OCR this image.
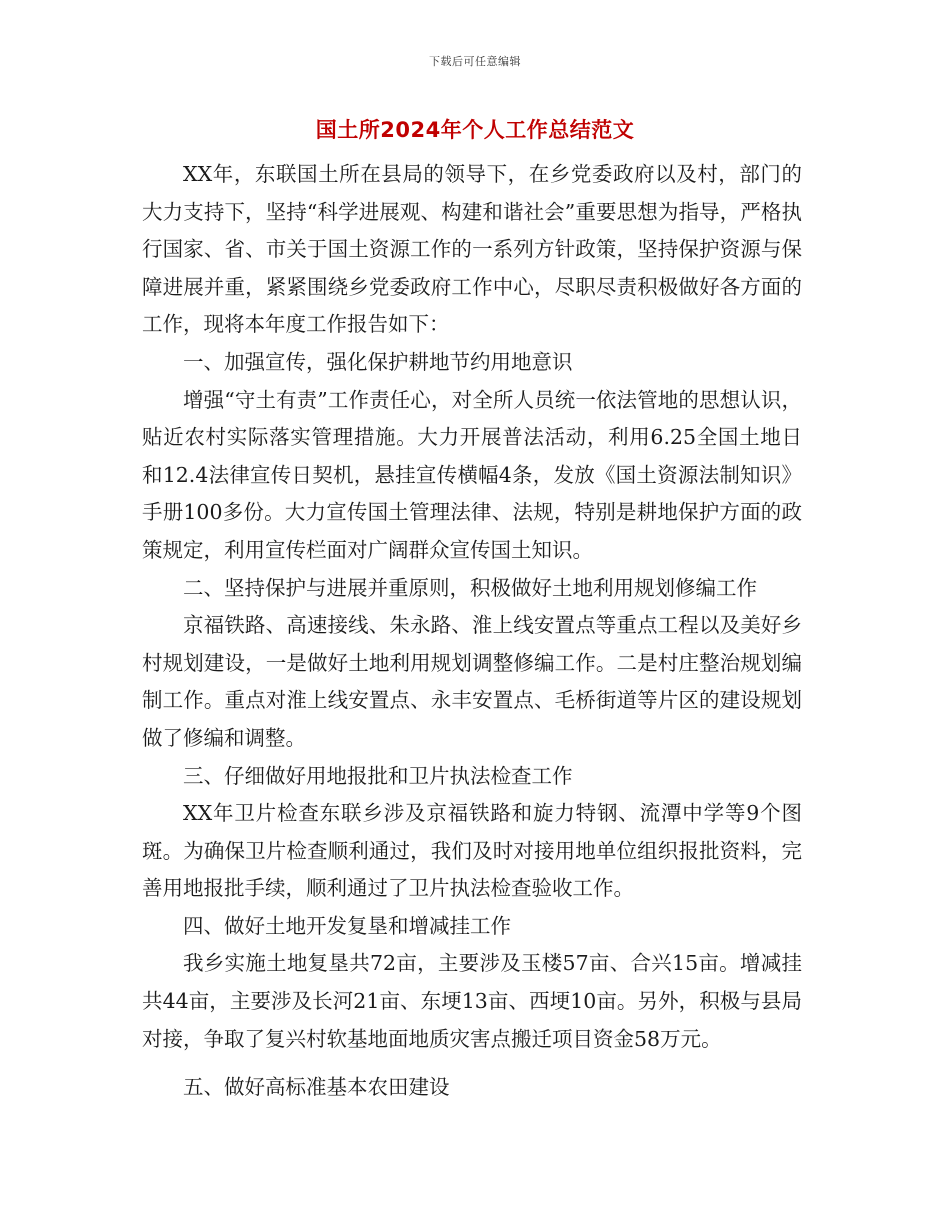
下载后可任意编辑
国土所2024年个人工作总结范文

XX年，东联国土所在县局的领导下，在乡党委政府以及村，部门的大力支持下，坚持“科学进展观、构建和谐社会”重要思想为指导，严格执行国家、省、市关于国土资源工作的一系列方针政策，坚持保护资源与保障进展并重，紧紧围绕乡党委政府工作中心，尽职尽责积极做好各方面的工作，现将本年度工作报告如下：

一、加强宣传，强化保护耕地节约用地意识

增强“守土有责”工作责任心，对全所人员统一依法管地的思想认识，贴近农村实际落实管理措施。大力开展普法活动，利用6.25全国土地日和12.4法律宣传日契机，悬挂宣传横幅4条，发放《国土资源法制知识》手册100多份。大力宣传国土管理法律、法规，特别是耕地保护方面的政策规定，利用宣传栏面对广阔群众宣传国土知识。

二、坚持保护与进展并重原则，积极做好土地利用规划修编工作

京福铁路、高速接线、朱永路、淮上线安置点等重点工程以及美好乡村规划建设，一是做好土地利用规划调整修编工作。二是村庄整治规划编制工作。重点对淮上线安置点、永丰安置点、毛桥街道等片区的建设规划做了修编和调整。

三、仔细做好用地报批和卫片执法检查工作

XX年卫片检查东联乡涉及京福铁路和旋力特钢、流潭中学等9个图斑。为确保卫片检查顺利通过，我们及时对接用地单位组织报批资料，完善用地报批手续，顺利通过了卫片执法检查验收工作。

四、做好土地开发复垦和增减挂工作

我乡实施土地复垦共72亩，主要涉及玉楼57亩、合兴15亩。增减挂共44亩，主要涉及长河21亩、东埂13亩、西埂10亩。另外，积极与县局对接，争取了复兴村软基地面地质灾害点搬迁项目资金58万元。

五、做好高标准基本农田建设
